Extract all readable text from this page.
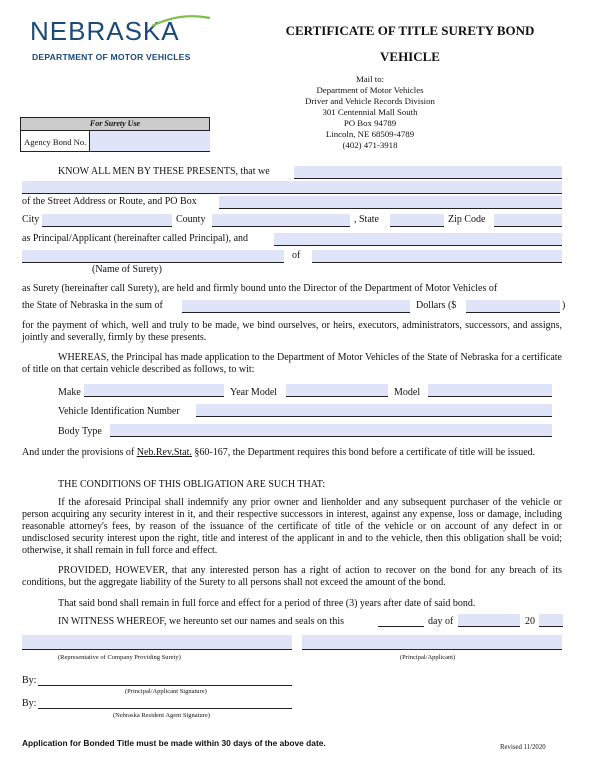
NEBRASKA
DEPARTMENT OF MOTOR VEHICLES
CERTIFICATE OF TITLE SURETY BOND
VEHICLE
Mail to:
Department of Motor Vehicles
Driver and Vehicle Records Division
301 Centennial Mall South
PO Box 94789
Lincoln, NE 68509-4789
(402) 471-3918
For Surety Use
Agency Bond No.
KNOW ALL MEN BY THESE PRESENTS, that we
of the Street Address or Route, and PO Box
City	County	, State	Zip Code
as Principal/Applicant (hereinafter called Principal), and
of
(Name of Surety)
as Surety (hereinafter call Surety), are held and firmly bound unto the Director of the Department of Motor Vehicles of
the State of Nebraska in the sum of	Dollars ($	)
for the payment of which, well and truly to be made, we bind ourselves, or heirs, executors, administrators, successors, and assigns, jointly and severally, firmly by these presents.
WHEREAS, the Principal has made application to the Department of Motor Vehicles of the State of Nebraska for a certificate of title on that certain vehicle described as follows, to wit:
Make	Year Model	Model
Vehicle Identification Number
Body Type
And under the provisions of Neb.Rev.Stat. §60-167, the Department requires this bond before a certificate of title will be issued.
THE CONDITIONS OF THIS OBLIGATION ARE SUCH THAT:
If the aforesaid Principal shall indemnify any prior owner and lienholder and any subsequent purchaser of the vehicle or person acquiring any security interest in it, and their respective successors in interest, against any expense, loss or damage, including reasonable attorney's fees, by reason of the issuance of the certificate of title of the vehicle or on account of any defect in or undisclosed security interest upon the right, title and interest of the applicant in and to the vehicle, then this obligation shall be void; otherwise, it shall remain in full force and effect.
PROVIDED, HOWEVER, that any interested person has a right of action to recover on the bond for any breach of its conditions, but the aggregate liability of the Surety to all persons shall not exceed the amount of the bond.
That said bond shall remain in full force and effect for a period of three (3) years after date of said bond.
IN WITNESS WHEREOF, we hereunto set our names and seals on this	day of	20
(Representative of Company Providing Surety)	(Principal/Applicant)
By:
(Principal/Applicant Signature)
By:
(Nebraska Resident Agent Signature)
Application for Bonded Title must be made within 30 days of the above date.	Revised 11/2020
